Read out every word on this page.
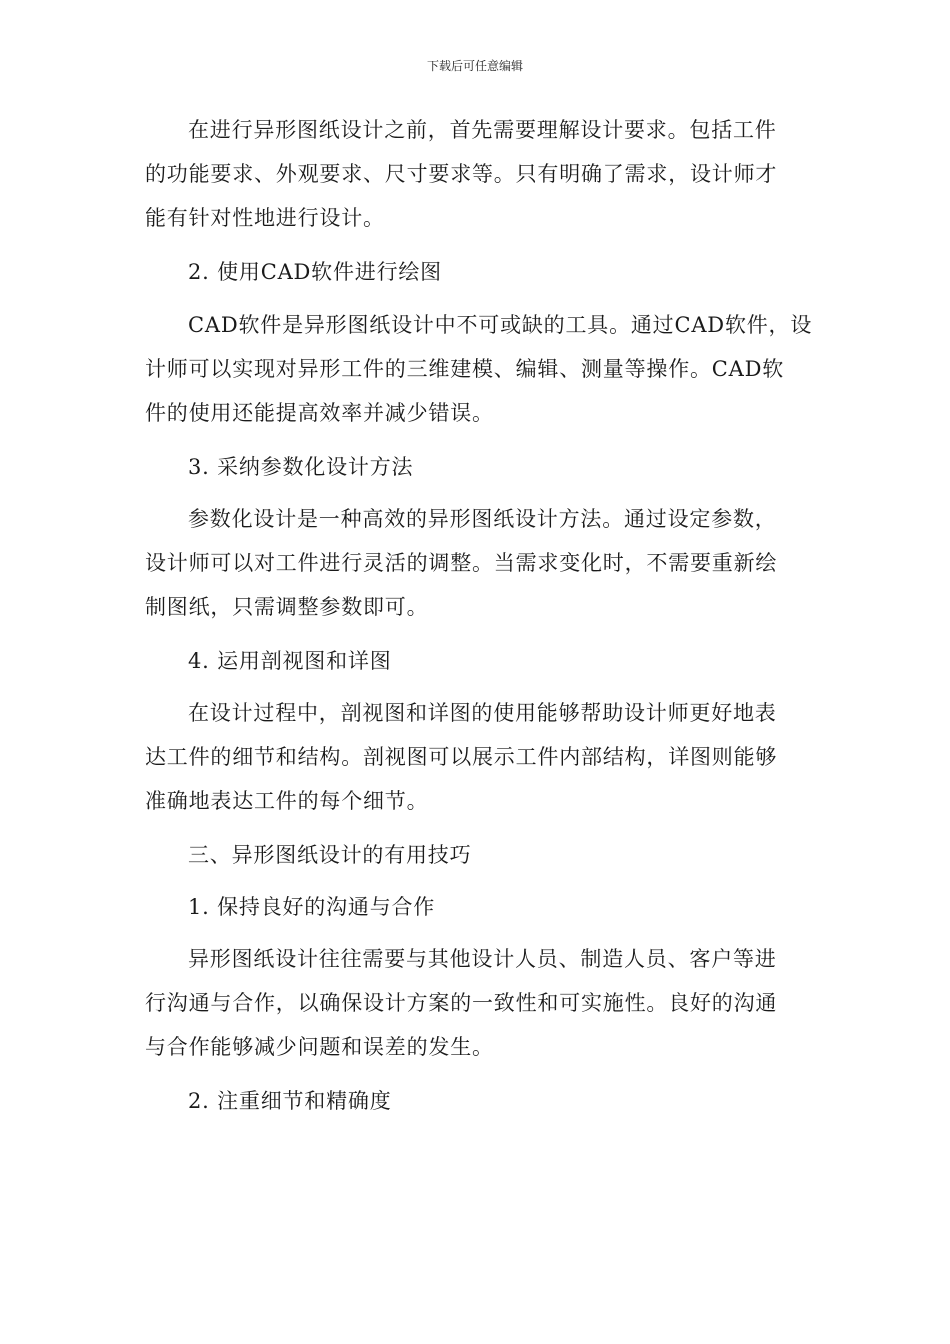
下载后可任意编辑
在进行异形图纸设计之前，首先需要理解设计要求。包括工件
的功能要求、外观要求、尺寸要求等。只有明确了需求，设计师才
能有针对性地进行设计。
2. 使用CAD软件进行绘图
CAD软件是异形图纸设计中不可或缺的工具。通过CAD软件，设
计师可以实现对异形工件的三维建模、编辑、测量等操作。CAD软
件的使用还能提高效率并减少错误。
3. 采纳参数化设计方法
参数化设计是一种高效的异形图纸设计方法。通过设定参数，
设计师可以对工件进行灵活的调整。当需求变化时，不需要重新绘
制图纸，只需调整参数即可。
4. 运用剖视图和详图
在设计过程中，剖视图和详图的使用能够帮助设计师更好地表
达工件的细节和结构。剖视图可以展示工件内部结构，详图则能够
准确地表达工件的每个细节。
三、异形图纸设计的有用技巧
1. 保持良好的沟通与合作
异形图纸设计往往需要与其他设计人员、制造人员、客户等进
行沟通与合作，以确保设计方案的一致性和可实施性。良好的沟通
与合作能够减少问题和误差的发生。
2. 注重细节和精确度
